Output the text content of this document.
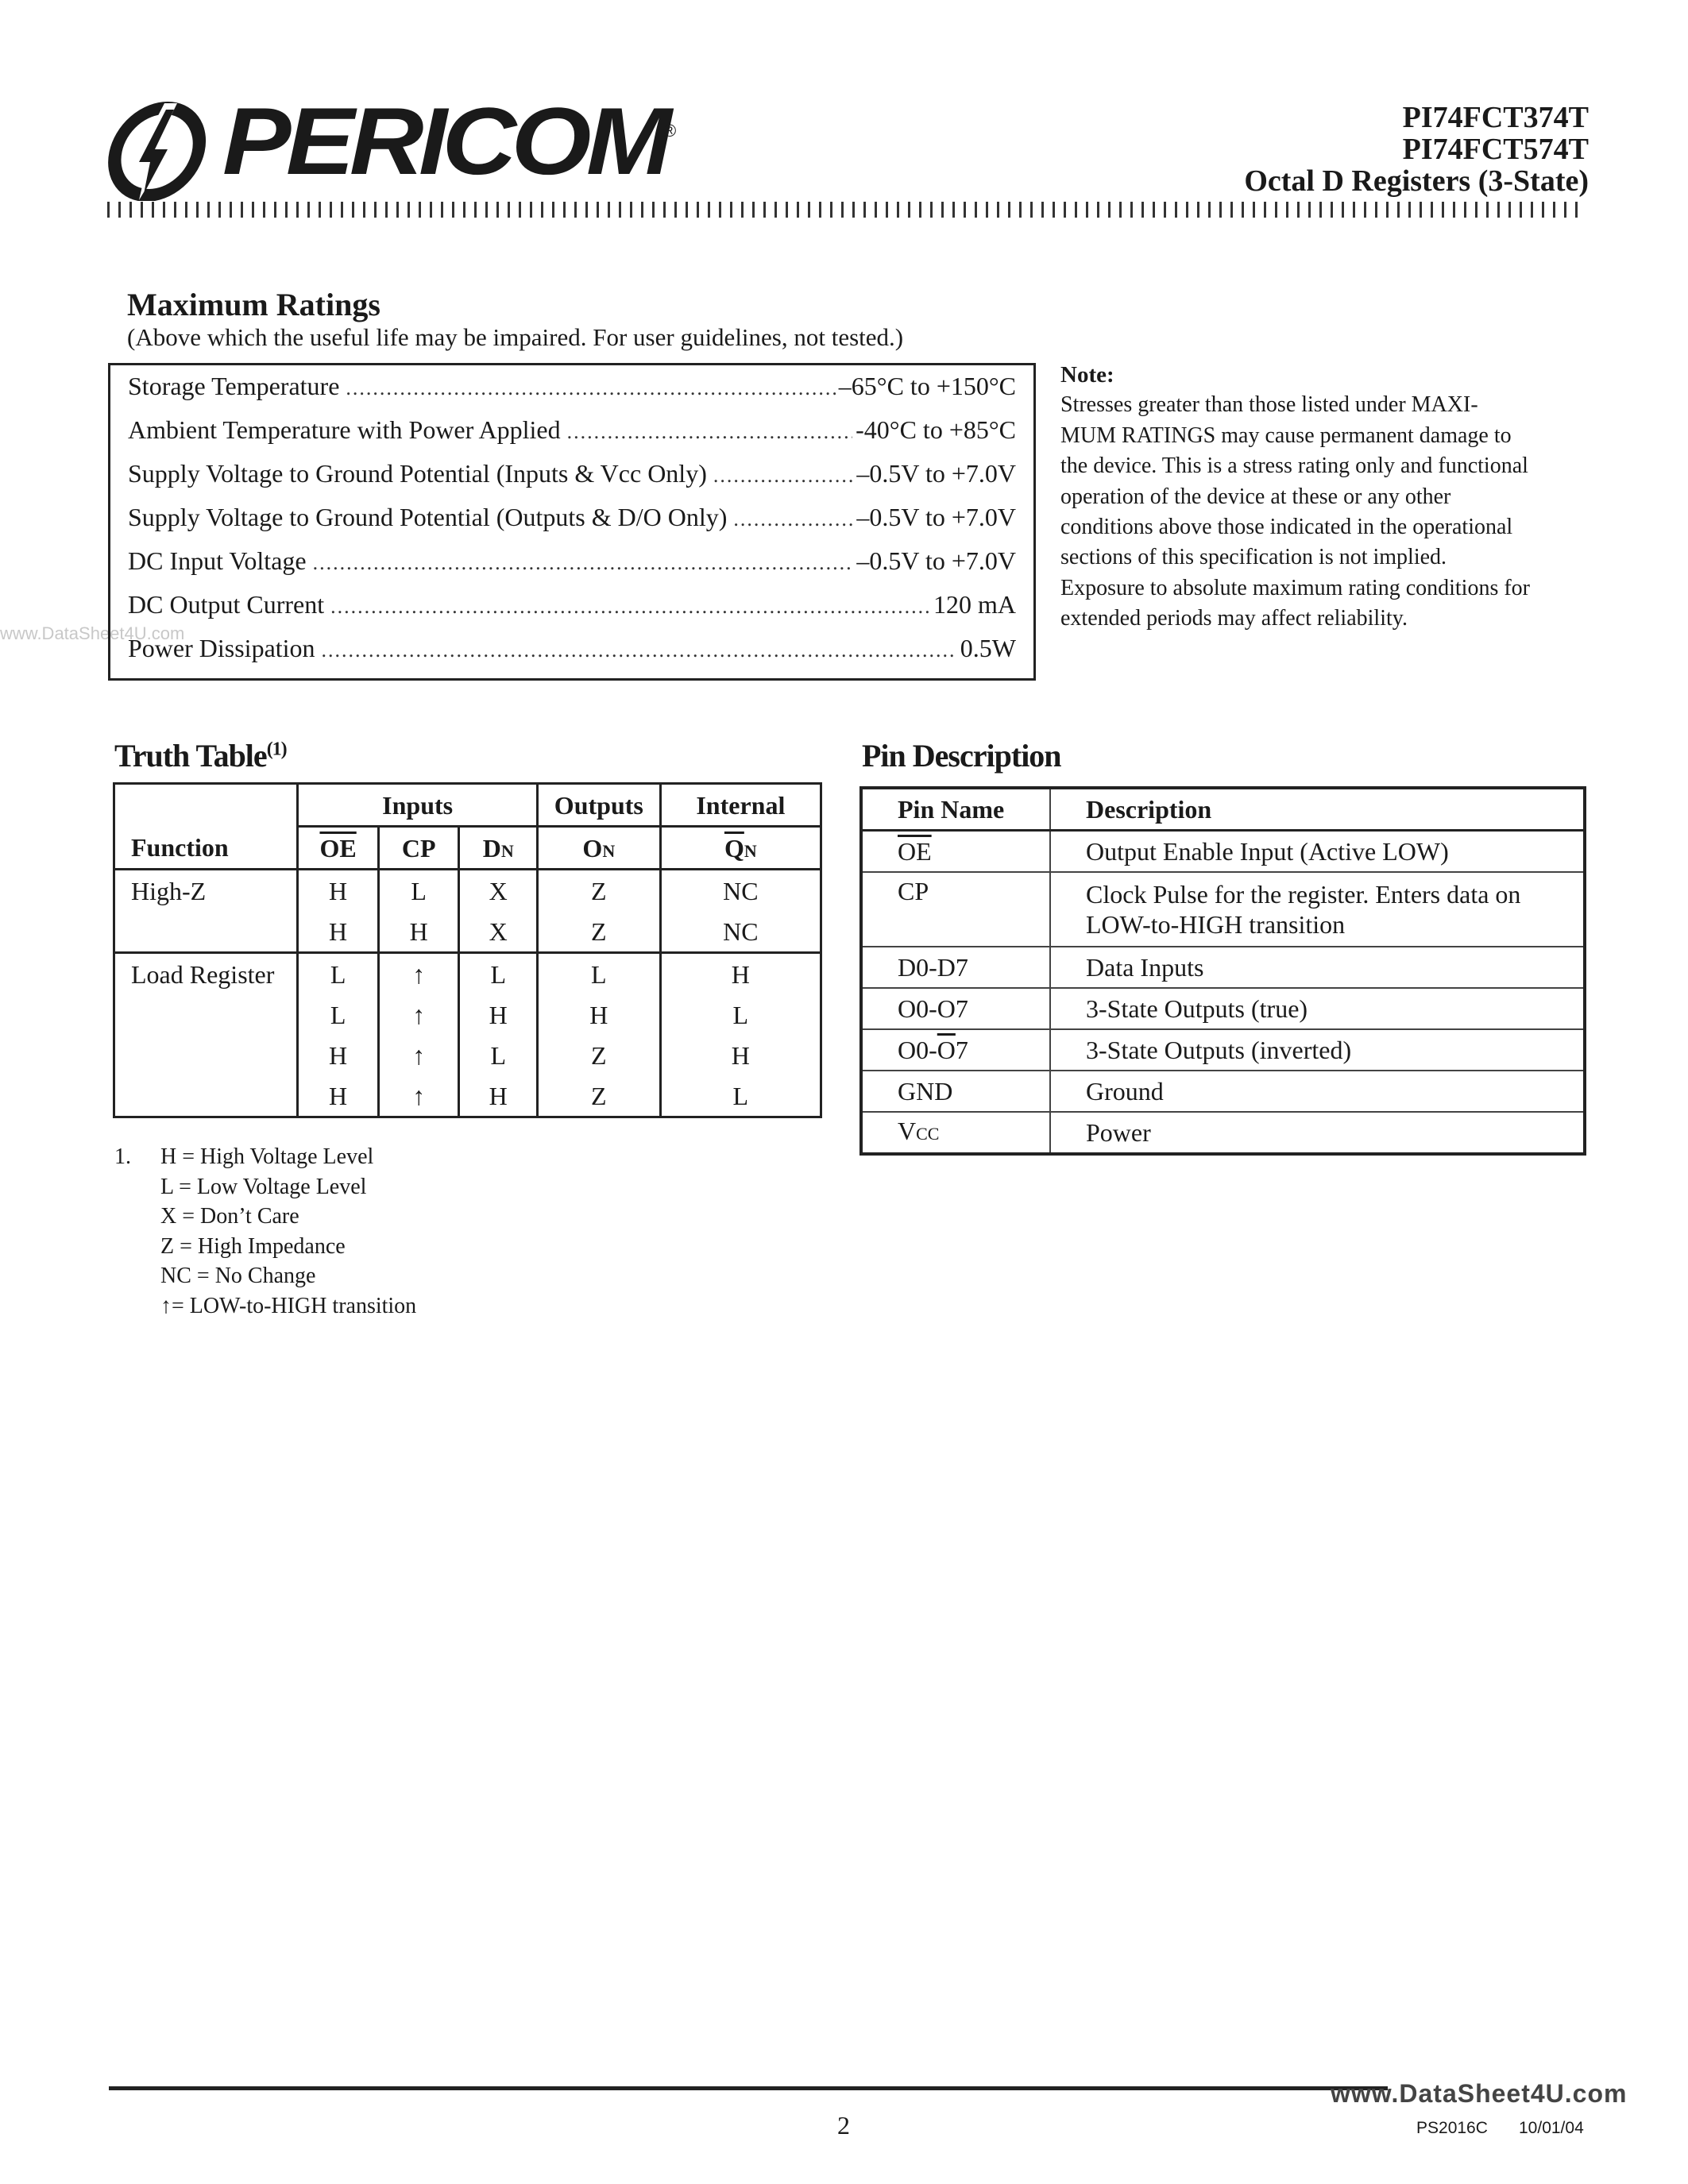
PERICOM
®	PI74FCT374T
PI74FCT574T
Octal D Registers (3-State)
www.DataSheet4U.com
Maximum Ratings
(Above which the useful life may be impaired. For user guidelines, not tested.)
Storage Temperature .....	–65°C to +150°C
Ambient Temperature with Power Applied .....	-40°C to +85°C
Supply Voltage to Ground Potential (Inputs & Vcc Only) .....	–0.5V to +7.0V
Supply Voltage to Ground Potential (Outputs & D/O Only) .....	–0.5V to +7.0V
DC Input Voltage .....	–0.5V to +7.0V
DC Output Current .....	120 mA
Power Dissipation .....	0.5W
Note:
Stresses greater than those listed under MAXI-
MUM RATINGS may cause permanent damage to
the device. This is a stress rating only and functional
operation of the device at these or any other
conditions above those indicated in the operational
sections of this specification is not implied.
Exposure to absolute maximum rating conditions for
extended periods may affect reliability.
Truth Table$^{(1)}$
	Inputs			Outputs	Internal
Function	$\overline{OE}$	CP	DN	ON	$\overline{Q}N$
High-Z	H	L	X	Z	NC
	H	H	X	Z	NC
Load Register	L	↑	L	L	H
	L	↑	H	H	L
	H	↑	L	Z	H
	H	↑	H	Z	L
1. H = High Voltage Level
L = Low Voltage Level
X = Don’t Care
Z = High Impedance
NC = No Change
↑= LOW-to-HIGH transition
Pin Description
Pin Name	Description
$\overline{OE}$	Output Enable Input (Active LOW)
CP	Clock Pulse for the register. Enters data on
LOW-to-HIGH transition

D0-D7	Data Inputs
O0-O7	3-State Outputs (true)
$O0-\overline{O}7$	3-State Outputs (inverted)
GND	Ground
VCC	Power
www.DataSheet4U.com
2	PS2016C 10/01/04
